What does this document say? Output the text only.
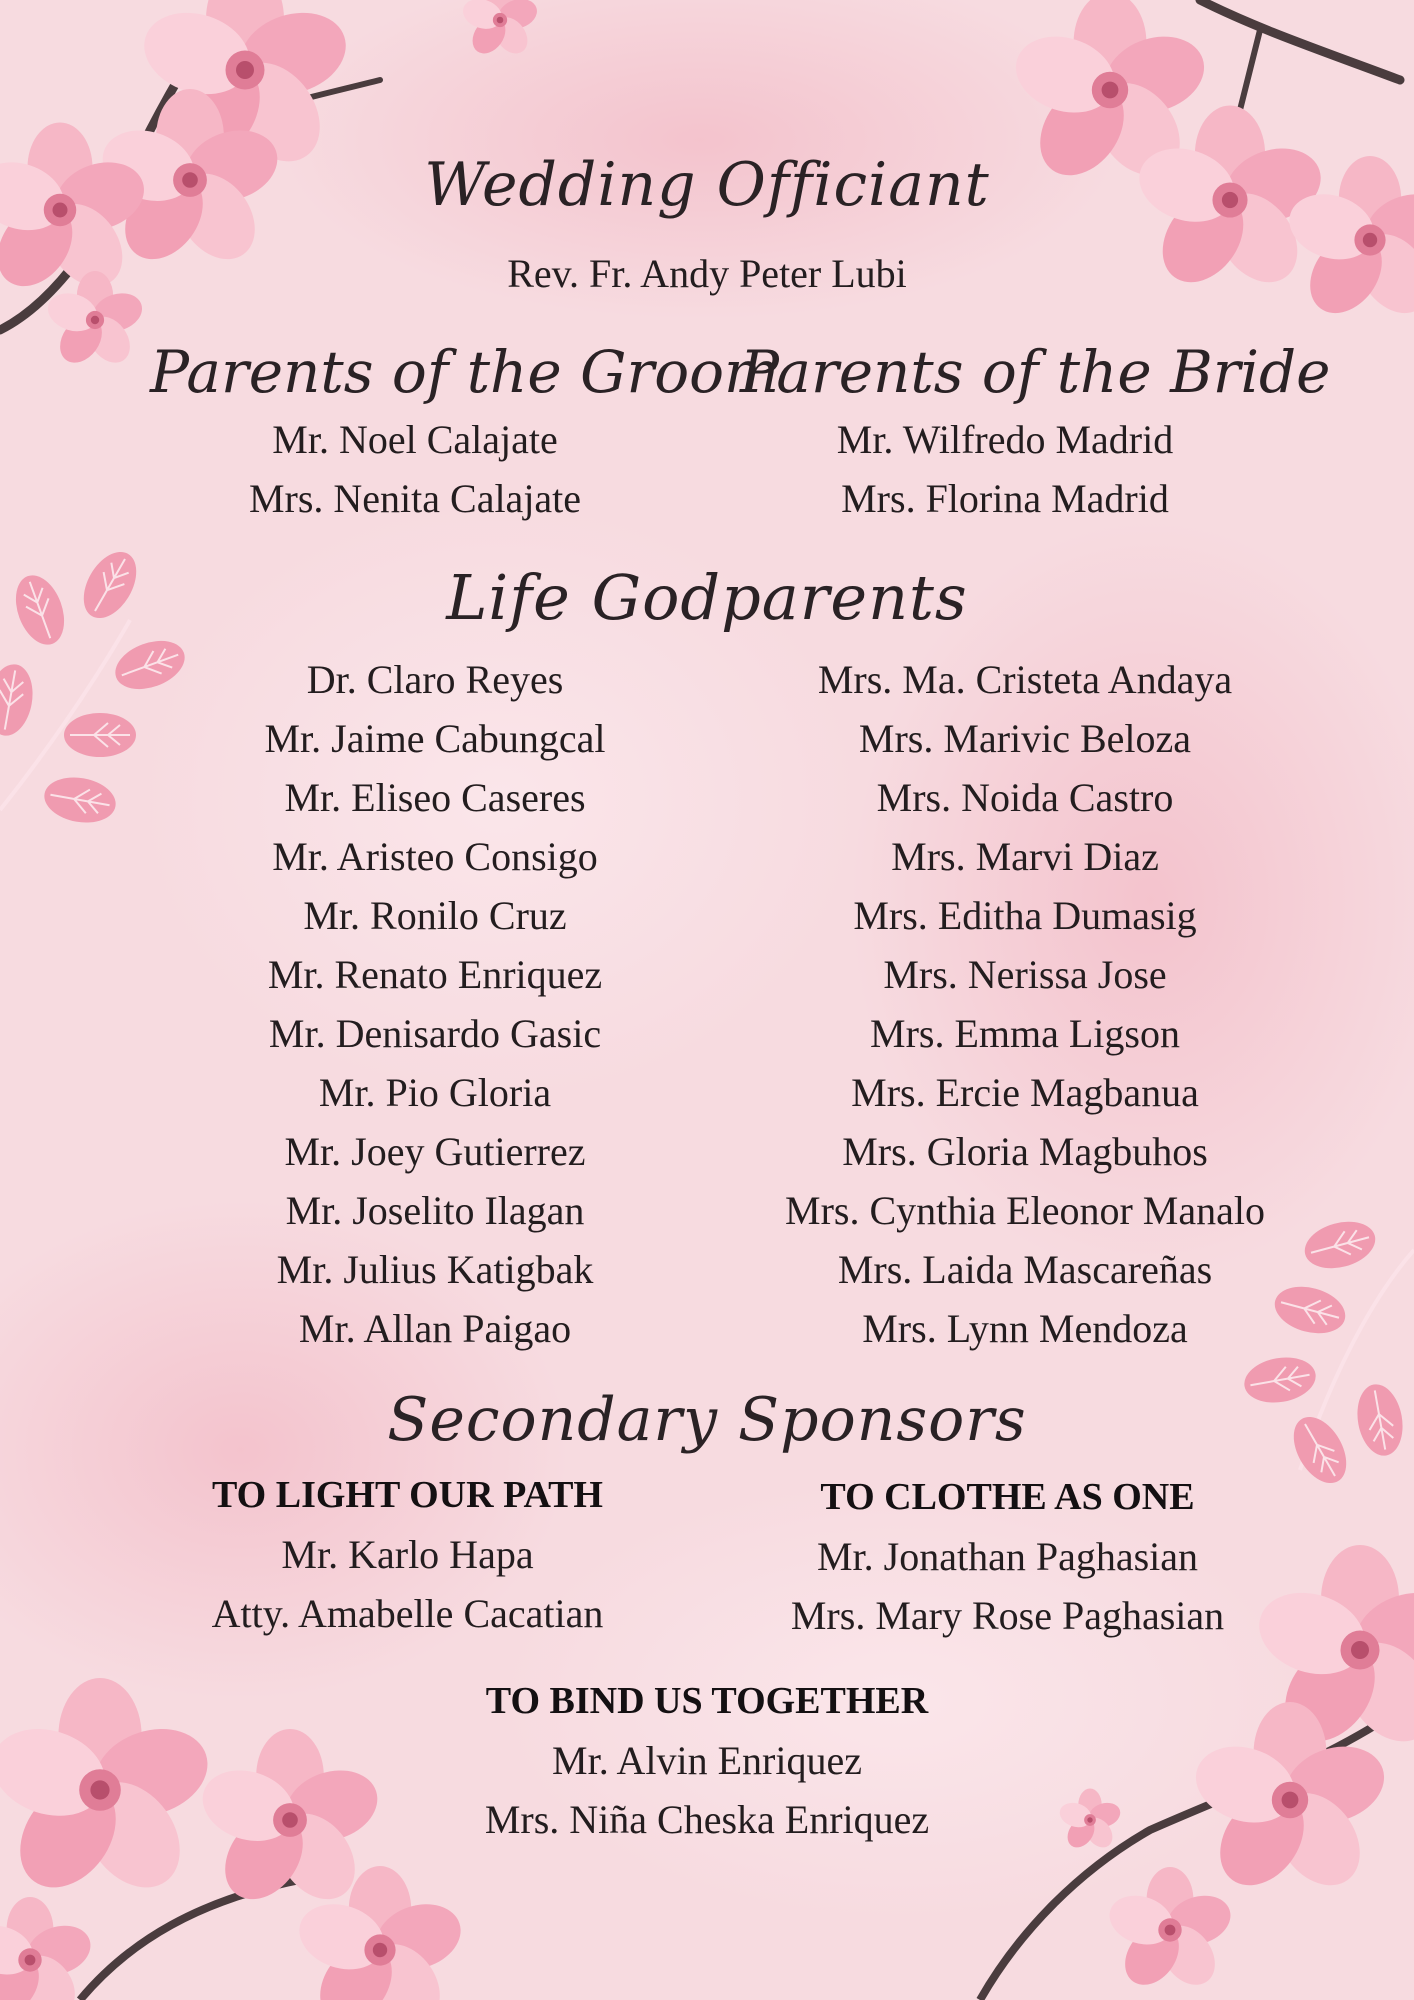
Wedding Officiant
Rev. Fr. Andy Peter Lubi
Parents of the Groom
Mr. Noel Calajate
Mrs. Nenita Calajate
Parents of the Bride
Mr. Wilfredo Madrid
Mrs. Florina Madrid
Life Godparents
Dr. Claro Reyes
Mr. Jaime Cabungcal
Mr. Eliseo Caseres
Mr. Aristeo Consigo
Mr. Ronilo Cruz
Mr. Renato Enriquez
Mr. Denisardo Gasic
Mr. Pio Gloria
Mr. Joey Gutierrez
Mr. Joselito Ilagan
Mr. Julius Katigbak
Mr. Allan Paigao
Mrs. Ma. Cristeta Andaya
Mrs. Marivic Beloza
Mrs. Noida Castro
Mrs. Marvi Diaz
Mrs. Editha Dumasig
Mrs. Nerissa Jose
Mrs. Emma Ligson
Mrs. Ercie Magbanua
Mrs. Gloria Magbuhos
Mrs. Cynthia Eleonor Manalo
Mrs. Laida Mascareñas
Mrs. Lynn Mendoza
Secondary Sponsors
TO LIGHT OUR PATH
Mr. Karlo Hapa
Atty. Amabelle Cacatian
TO CLOTHE AS ONE
Mr. Jonathan Paghasian
Mrs. Mary Rose Paghasian
TO BIND US TOGETHER
Mr. Alvin Enriquez
Mrs. Niña Cheska Enriquez
